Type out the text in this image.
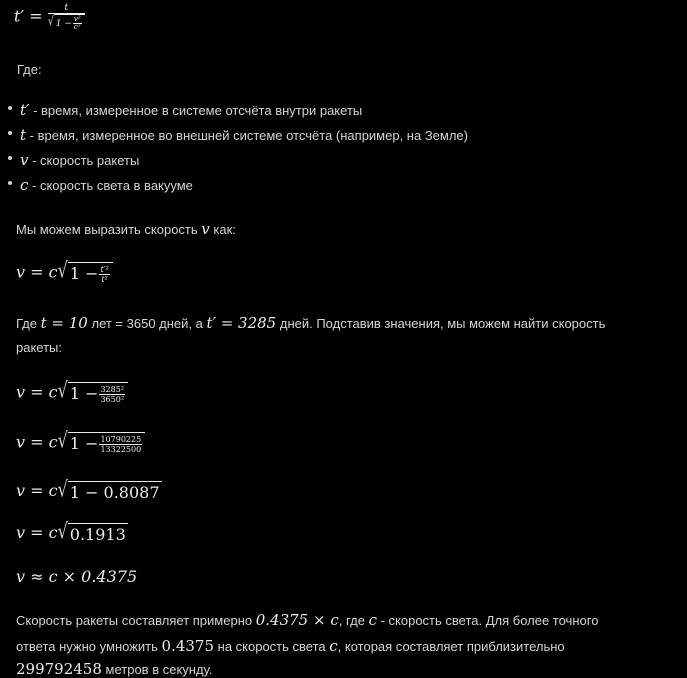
$t' = \frac{t}{√ 1 - \frac{\text{v²}}{\text{c²}}}$
Где:
t′ - время, измеренное в системе отсчёта внутри ракеты
t - время, измеренное во внешней системе отсчёта (например, на Земле)
v - скорость ракеты
c - скорость света в вакууме
Мы можем выразить скорость v как:
v = c√ $1 - \frac{\text{t′²}}{\text{t²}}$
Где t = 10 лет = 3650 дней, а t′ = 3285 дней. Подставив значения, мы можем найти скорость
ракеты:
v = c√ $1 - \frac{\text{3285²}}{\text{3650²}}$
v = c√ $1 - \frac{10790225}{13322500}$
v = c√ 1 − 0.8087
v = c√ 0.1913
v ≈ c × 0.4375
Скорость ракеты составляет примерно 0.4375 × c, где c - скорость света. Для более точного
ответа нужно умножить 0.4375 на скорость света c, которая составляет приблизительно
299792458 метров в секунду.
